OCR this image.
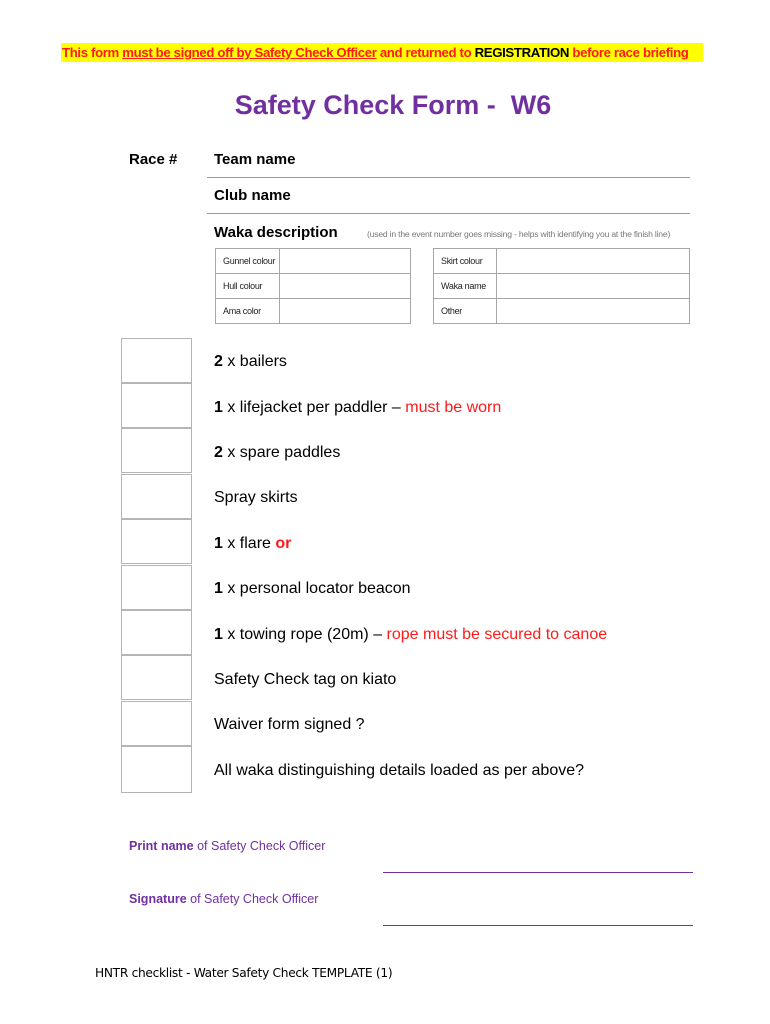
This form must be signed off by Safety Check Officer and returned to REGISTRATION before race briefing
Safety Check Form -  W6
Race # Team name
Club name
Waka description	(used in the event number goes missing - helps with identifying you at the finish line)
Gunnel colour	
Hull colour	
Ama color	
Skirt colour	
Waka name	
Other	
2 x bailers
1 x lifejacket per paddler – must be worn
2 x spare paddles
Spray skirts
1 x flare or
1 x personal locator beacon
1 x towing rope (20m) – rope must be secured to canoe
Safety Check tag on kiato
Waiver form signed ?
All waka distinguishing details loaded as per above?
Print name of Safety Check Officer
Signature of Safety Check Officer
HNTR checklist - Water Safety Check TEMPLATE (1)
